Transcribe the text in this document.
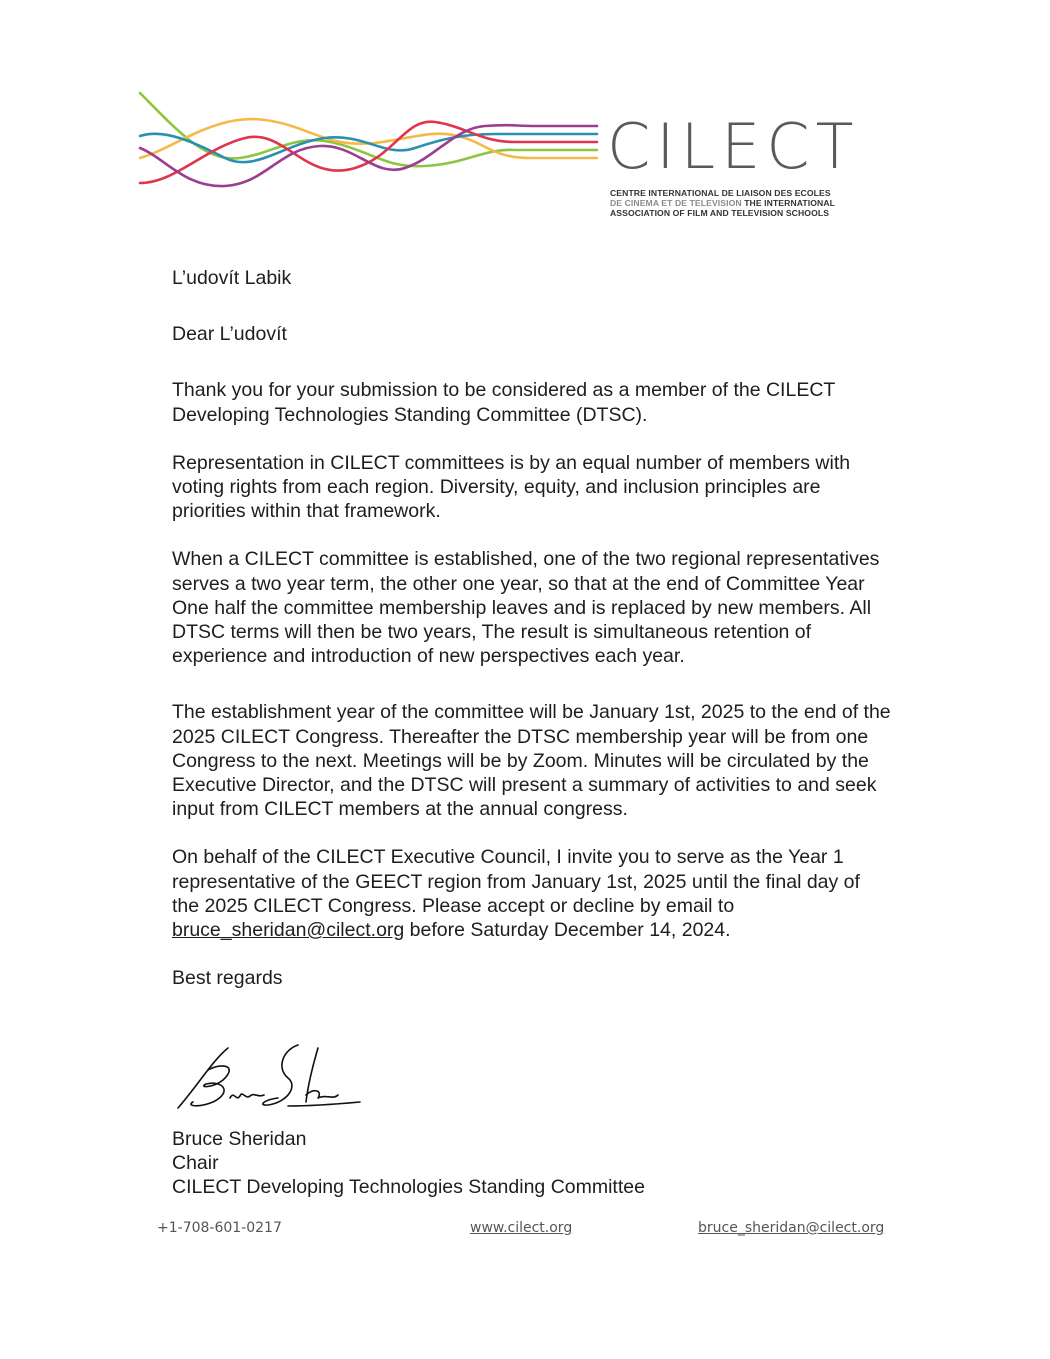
CILECT
CENTRE INTERNATIONAL DE LIAISON DES ECOLES
DE CINEMA ET DE TELEVISION THE INTERNATIONAL
ASSOCIATION OF FILM AND TELEVISION SCHOOLS

L’udovít Labik

Dear L’udovít

Thank you for your submission to be considered as a member of the CILECT Developing Technologies Standing Committee (DTSC).

Representation in CILECT committees is by an equal number of members with voting rights from each region. Diversity, equity, and inclusion principles are priorities within that framework.

When a CILECT committee is established, one of the two regional representatives serves a two year term, the other one year, so that at the end of Committee Year One half the committee membership leaves and is replaced by new members. All DTSC terms will then be two years, The result is simultaneous retention of experience and introduction of new perspectives each year.

The establishment year of the committee will be January 1st, 2025 to the end of the 2025 CILECT Congress. Thereafter the DTSC membership year will be from one Congress to the next. Meetings will be by Zoom. Minutes will be circulated by the Executive Director, and the DTSC will present a summary of activities to and seek input from CILECT members at the annual congress.

On behalf of the CILECT Executive Council, I invite you to serve as the Year 1 representative of the GEECT region from January 1st, 2025 until the final day of the 2025 CILECT Congress. Please accept or decline by email to
bruce_sheridan@cilect.org before Saturday December 14, 2024.

Best regards

Bruce Sheridan
Chair
CILECT Developing Technologies Standing Committee
+1-708-601-0217	www.cilect.org	bruce_sheridan@cilect.org
